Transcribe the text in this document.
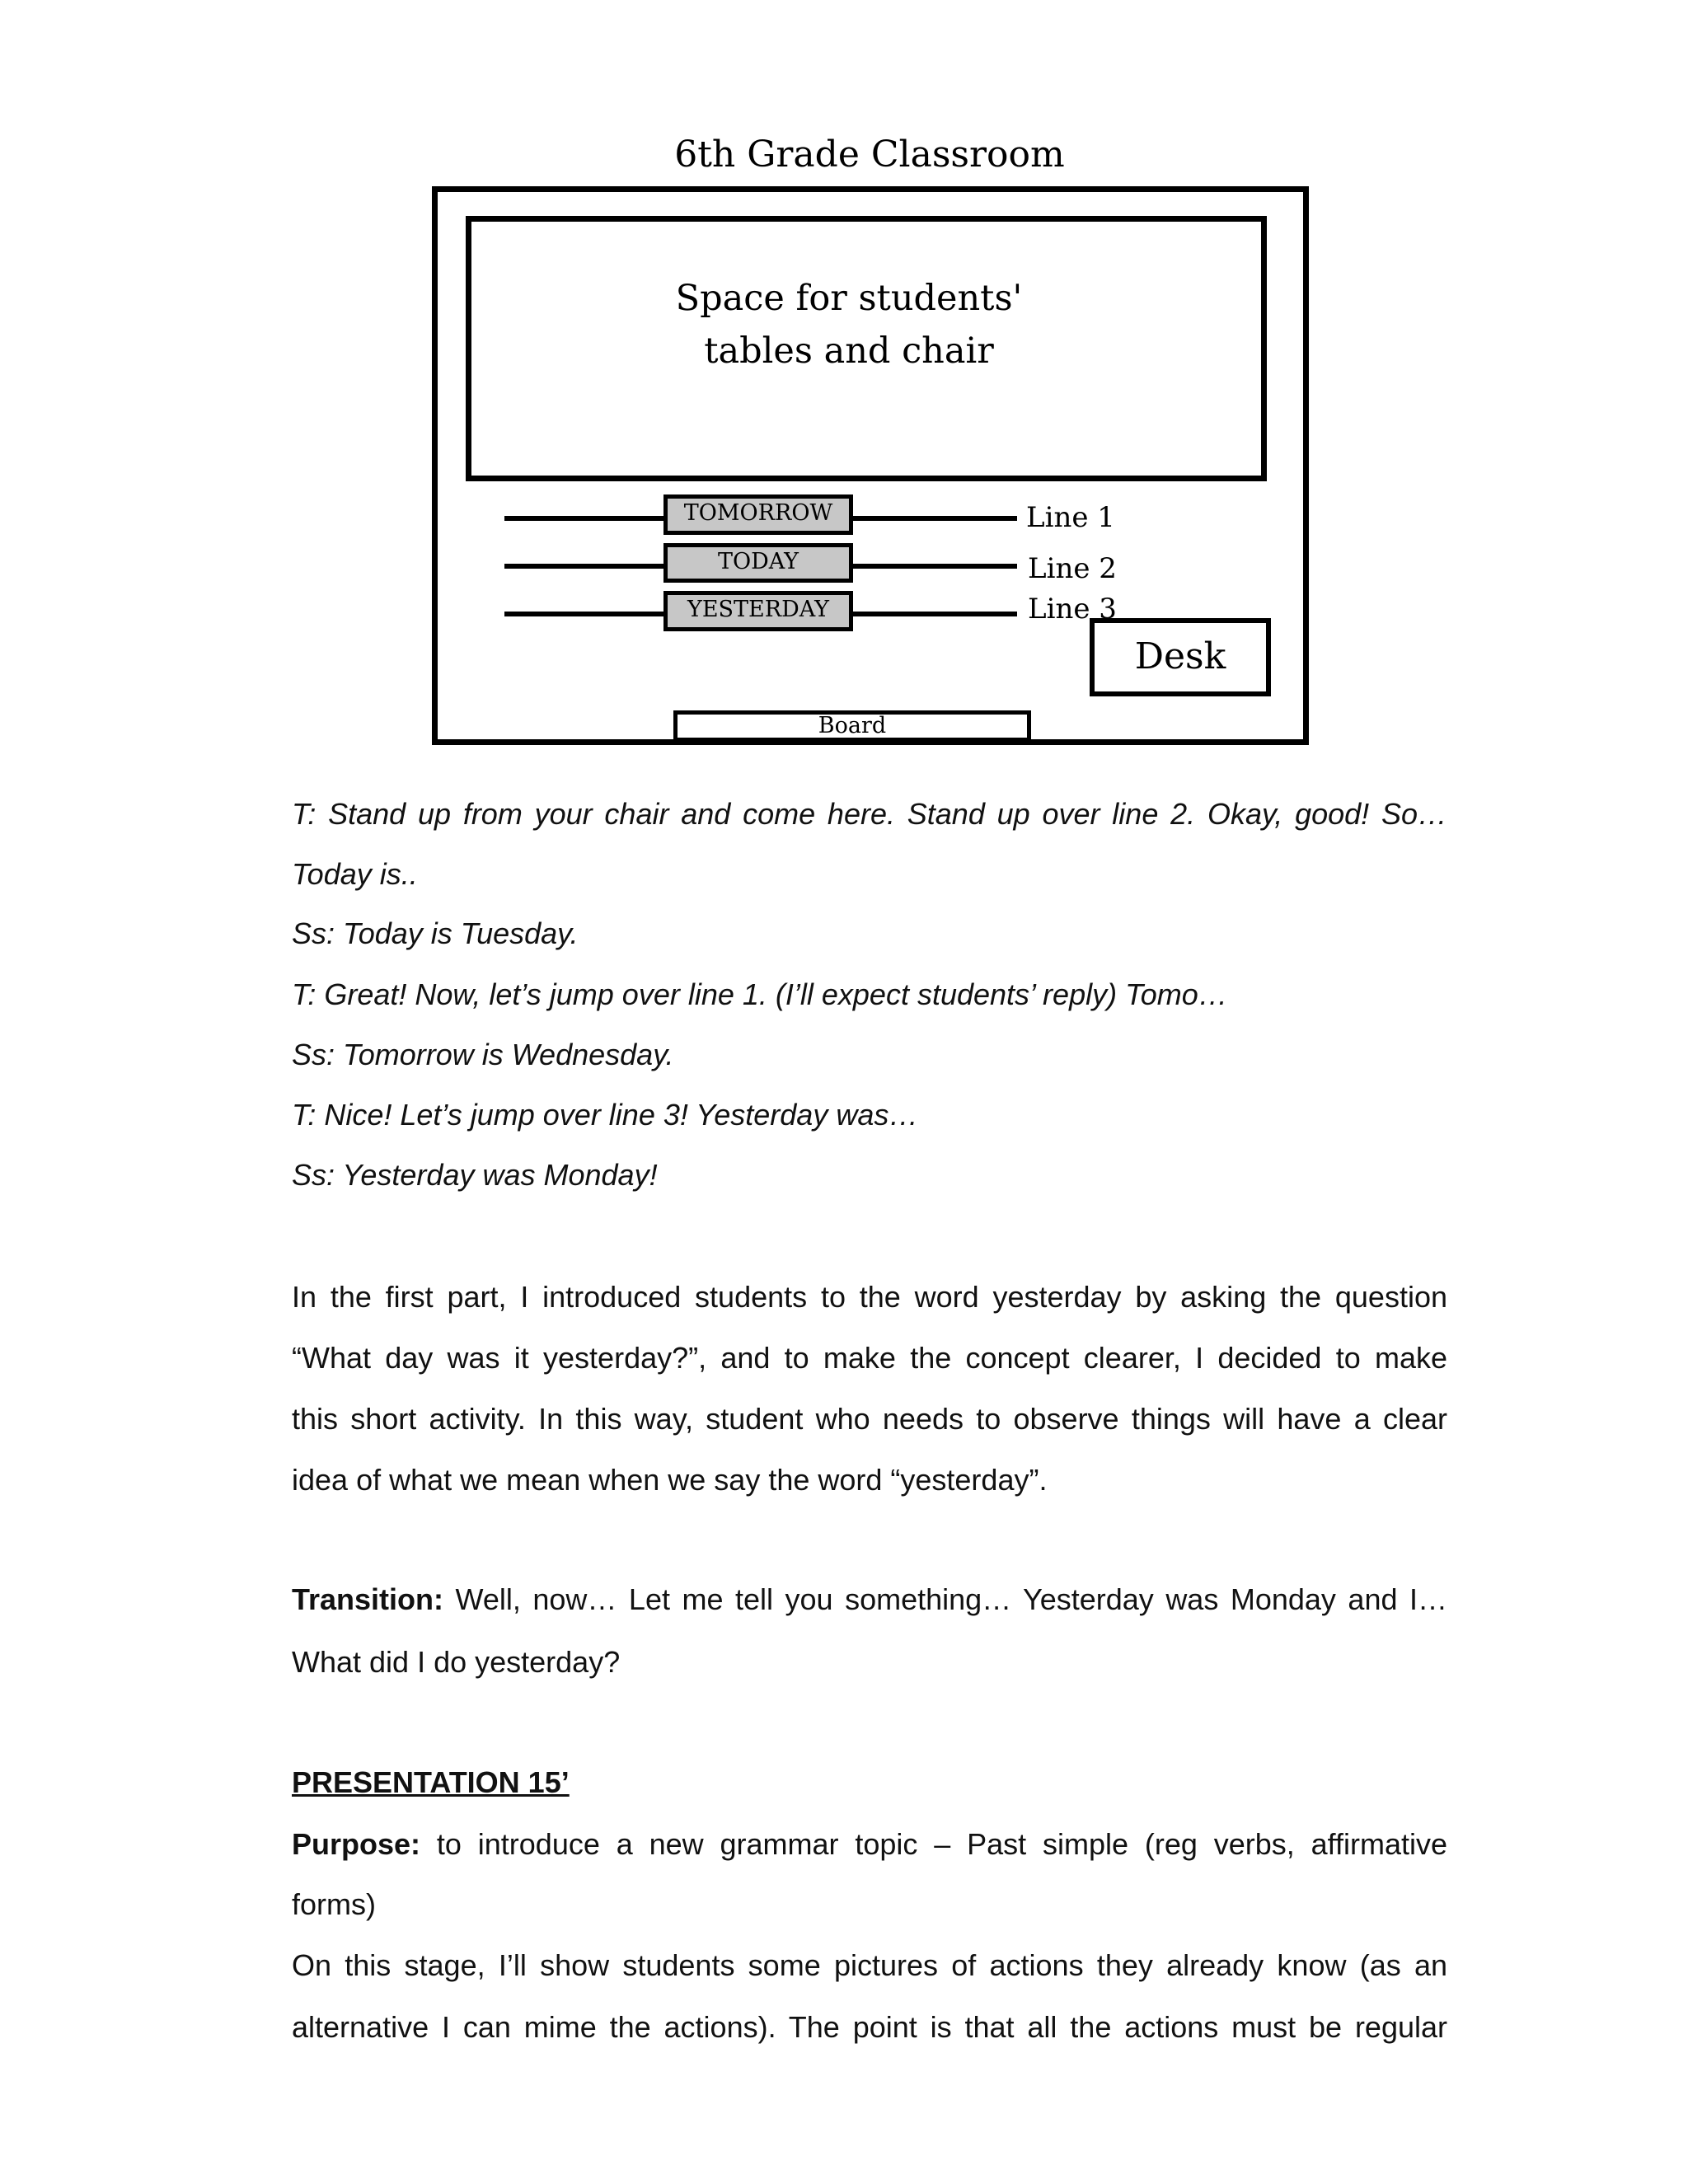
6th Grade Classroom
Space for students'
tables and chair
TOMORROW	Line 1
TODAY	Line 2
YESTERDAY	Line 3
Desk
Board
T: Stand up from your chair and come here. Stand up over line 2. Okay, good! So…
Today is..
Ss: Today is Tuesday.
T: Great! Now, let’s jump over line 1. (I’ll expect students’ reply) Tomo…
Ss: Tomorrow is Wednesday.
T: Nice! Let’s jump over line 3! Yesterday was…
Ss: Yesterday was Monday!
In the first part, I introduced students to the word yesterday by asking the question
“What day was it yesterday?”, and to make the concept clearer, I decided to make
this short activity. In this way, student who needs to observe things will have a clear
idea of what we mean when we say the word “yesterday”.
Transition: Well, now… Let me tell you something… Yesterday was Monday and I…
What did I do yesterday?
PRESENTATION 15’
Purpose: to introduce a new grammar topic – Past simple (reg verbs, affirmative
forms)
On this stage, I’ll show students some pictures of actions they already know (as an
alternative I can mime the actions). The point is that all the actions must be regular
